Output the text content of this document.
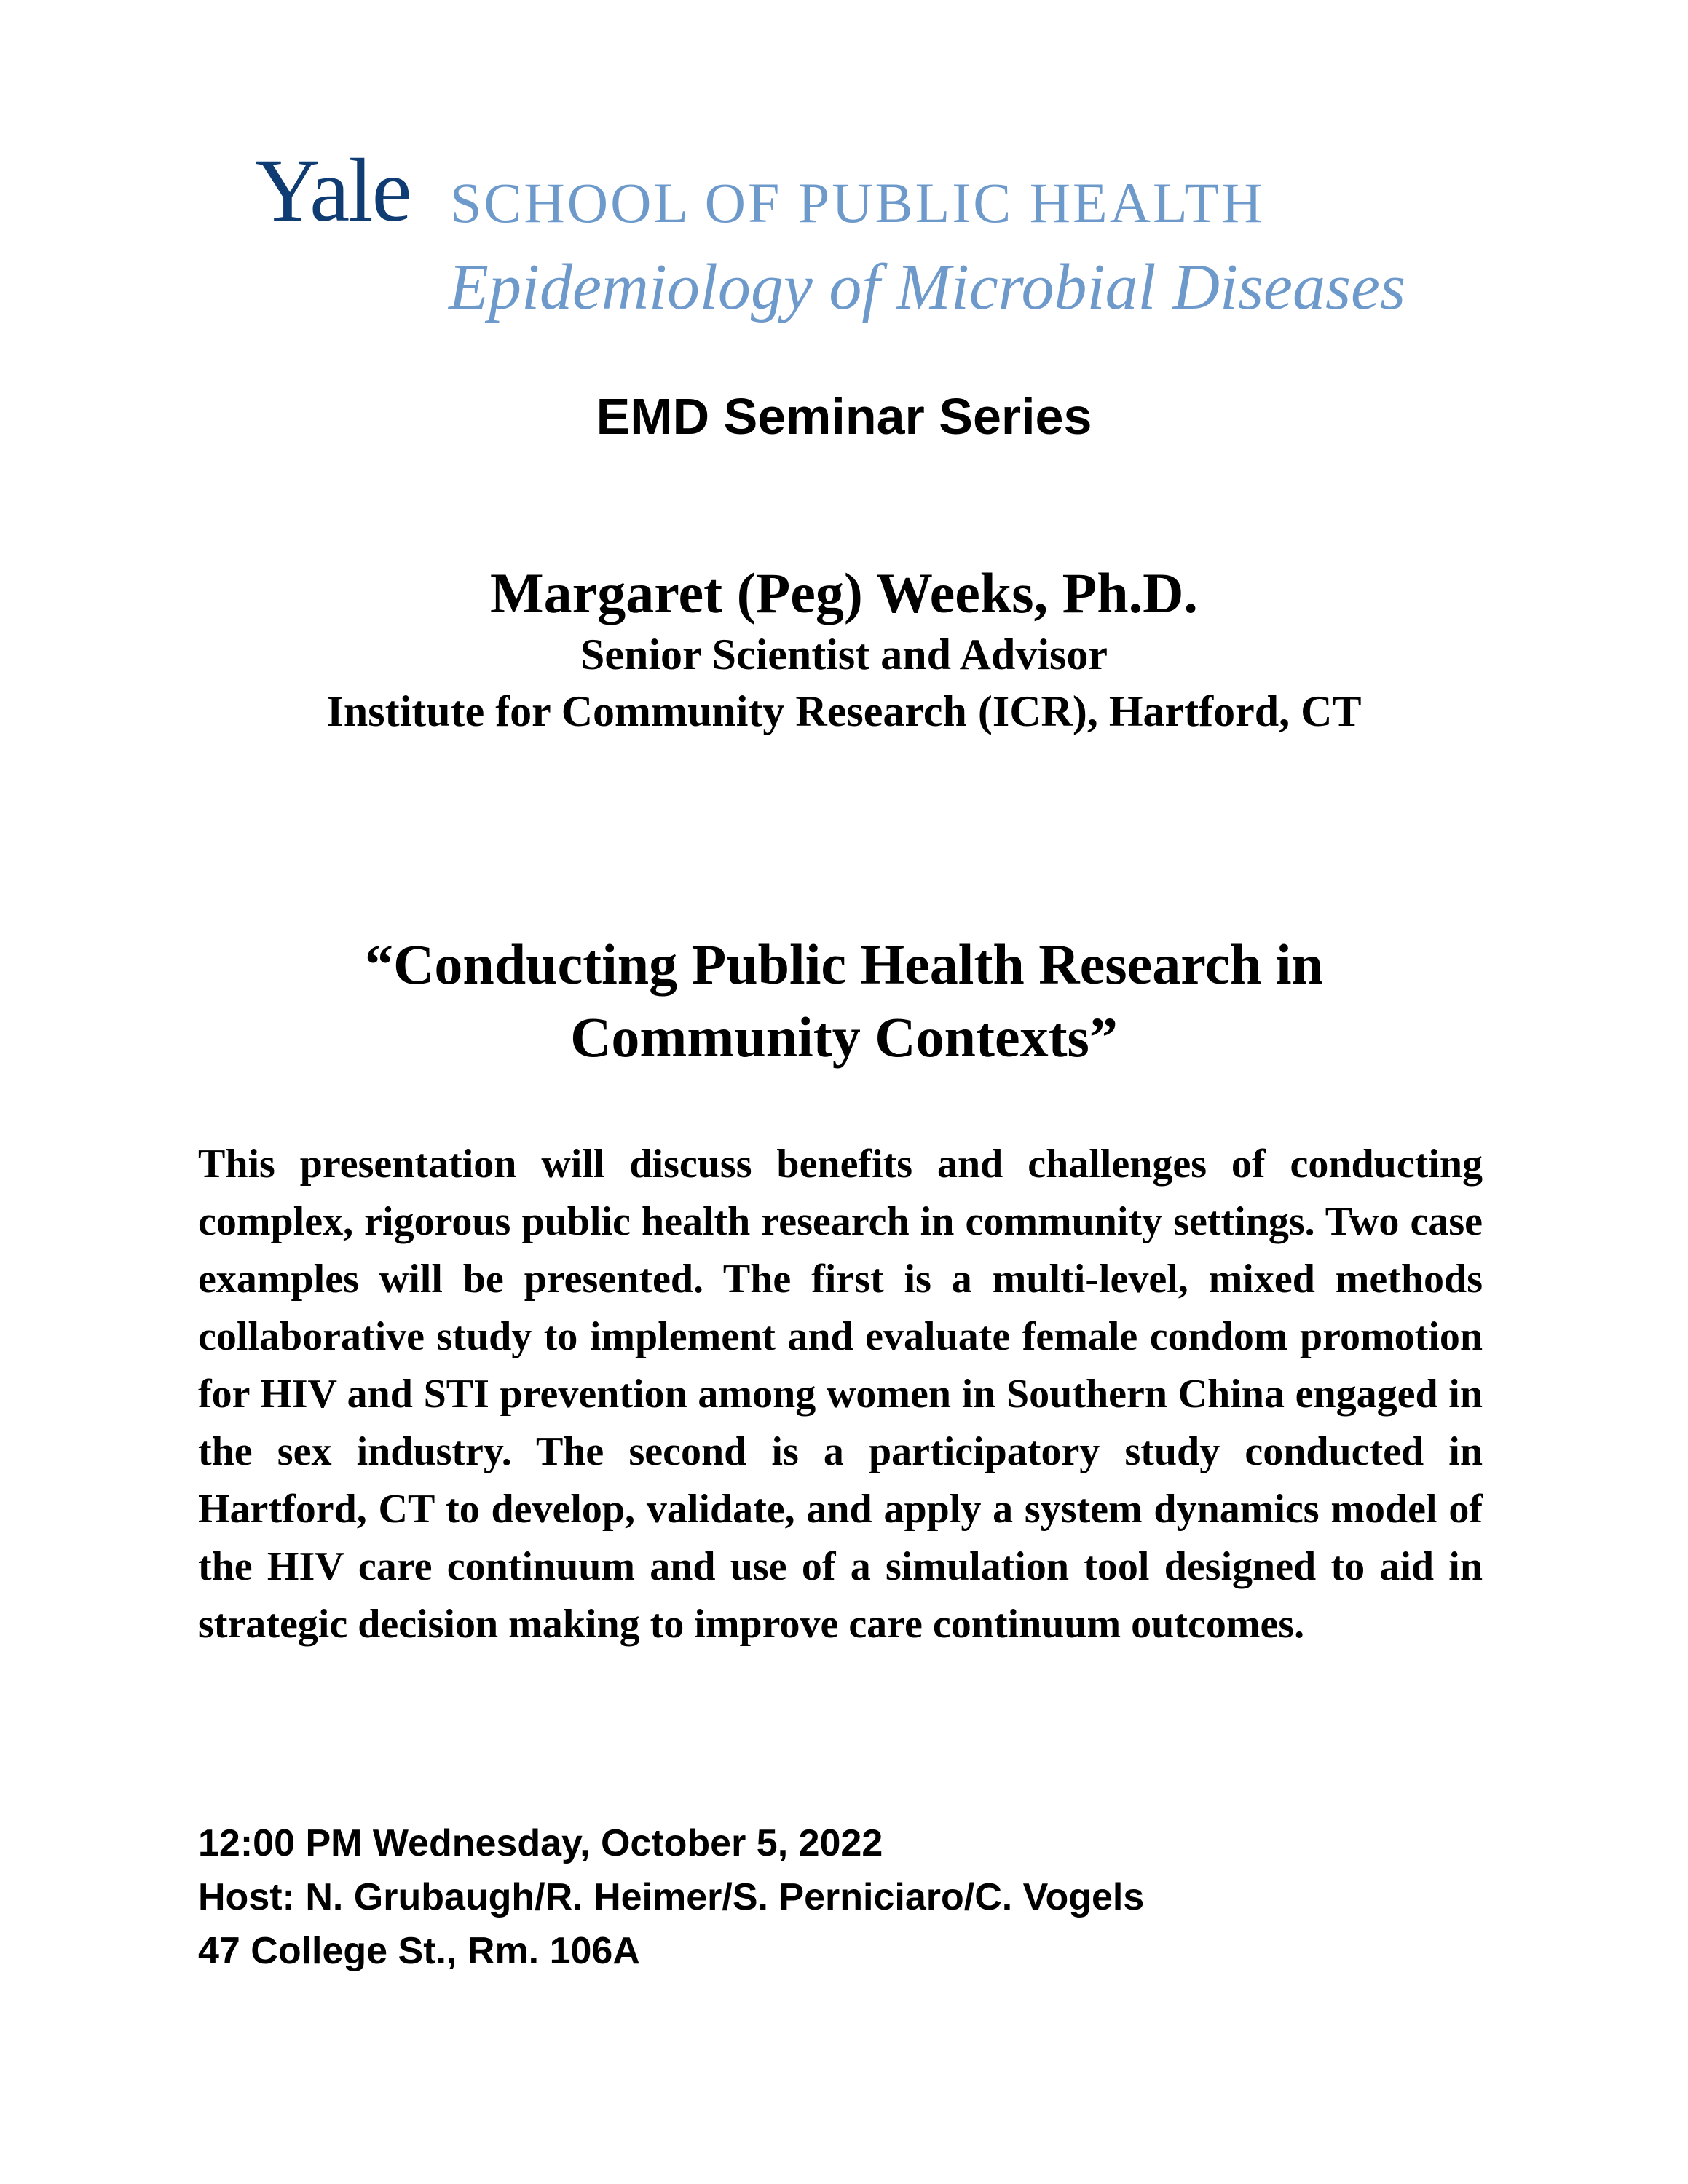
Yale SCHOOL OF PUBLIC HEALTH
Epidemiology of Microbial Diseases
EMD Seminar Series
Margaret (Peg) Weeks, Ph.D.
Senior Scientist and Advisor
Institute for Community Research (ICR), Hartford, CT
“Conducting Public Health Research in
Community Contexts”
This presentation will discuss benefits and challenges of conducting complex, rigorous public health research in community settings. Two case examples will be presented. The first is a multi-level, mixed methods collaborative study to implement and evaluate female condom promotion for HIV and STI prevention among women in Southern China engaged in the sex industry. The second is a participatory study conducted in Hartford, CT to develop, validate, and apply a system dynamics model of the HIV care continuum and use of a simulation tool designed to aid in strategic decision making to improve care continuum outcomes.
12:00 PM Wednesday, October 5, 2022
Host: N. Grubaugh/R. Heimer/S. Perniciaro/C. Vogels
47 College St., Rm. 106A
